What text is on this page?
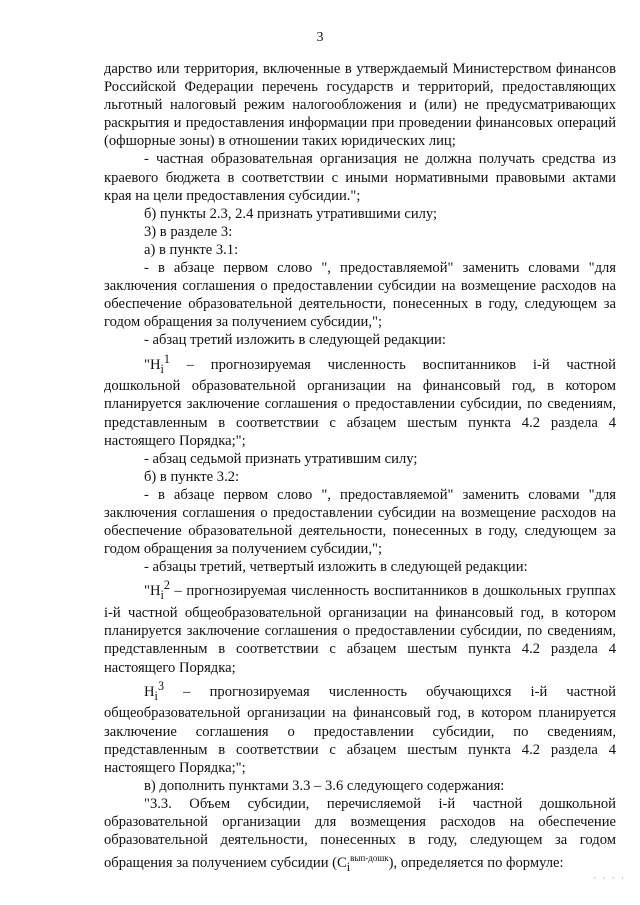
3

дарство или территория, включенные в утверждаемый Министерством финансов Российской Федерации перечень государств и территорий, предоставляющих льготный налоговый режим налогообложения и (или) не предусматривающих раскрытия и предоставления информации при проведении финансовых операций (офшорные зоны) в отношении таких юридических лиц;

- частная образовательная организация не должна получать средства из краевого бюджета в соответствии с иными нормативными правовыми актами края на цели предоставления субсидии.";

б) пункты 2.3, 2.4 признать утратившими силу;

3) в разделе 3:

а) в пункте 3.1:

- в абзаце первом слово ", предоставляемой" заменить словами "для заключения соглашения о предоставлении субсидии на возмещение расходов на обеспечение образовательной деятельности, понесенных в году, следующем за годом обращения за получением субсидии,";

- абзац третий изложить в следующей редакции:

"$Н_i^1$ – прогнозируемая численность воспитанников i-й частной дошкольной образовательной организации на финансовый год, в котором планируется заключение соглашения о предоставлении субсидии, по сведениям, представленным в соответствии с абзацем шестым пункта 4.2 раздела 4 настоящего Порядка;";

- абзац седьмой признать утратившим силу;

б) в пункте 3.2:

- в абзаце первом слово ", предоставляемой" заменить словами "для заключения соглашения о предоставлении субсидии на возмещение расходов на обеспечение образовательной деятельности, понесенных в году, следующем за годом обращения за получением субсидии,";

- абзацы третий, четвертый изложить в следующей редакции:

"$Н_i^2$ – прогнозируемая численность воспитанников в дошкольных группах i-й частной общеобразовательной организации на финансовый год, в котором планируется заключение соглашения о предоставлении субсидии, по сведениям, представленным в соответствии с абзацем шестым пункта 4.2 раздела 4 настоящего Порядка;

$Н_i^3$ – прогнозируемая численность обучающихся i-й частной общеобразовательной организации на финансовый год, в котором планируется заключение соглашения о предоставлении субсидии, по сведениям, представленным в соответствии с абзацем шестым пункта 4.2 раздела 4 настоящего Порядка;";

в) дополнить пунктами 3.3 – 3.6 следующего содержания:

"3.3. Объем субсидии, перечисляемой i-й частной дошкольной образовательной организации для возмещения расходов на обеспечение образовательной деятельности, понесенных в году, следующем за годом обращения за получением субсидии $(С_i^{вып-дошк})$, определяется по формуле:

· · · ·
